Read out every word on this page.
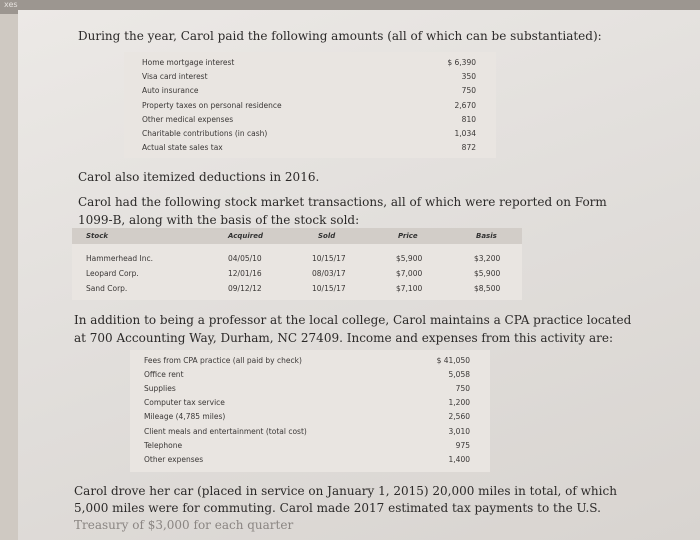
xes

During the year, Carol paid the following amounts (all of which can be substantiated):

Home mortgage interest	$ 6,390
Visa card interest	350
Auto insurance	750
Property taxes on personal residence	2,670
Other medical expenses	810
Charitable contributions (in cash)	1,034
Actual state sales tax	872

Carol also itemized deductions in 2016.

Carol had the following stock market transactions, all of which were reported on Form

1099-B, along with the basis of the stock sold:

Stock	Acquired	Sold	Price	Basis
Hammerhead Inc.	04/05/10	10/15/17	$5,900	$3,200
Leopard Corp.	12/01/16	08/03/17	$7,000	$5,900
Sand Corp.	09/12/12	10/15/17	$7,100	$8,500

In addition to being a professor at the local college, Carol maintains a CPA practice located

at 700 Accounting Way, Durham, NC 27409. Income and expenses from this activity are:

Fees from CPA practice (all paid by check)	$ 41,050
Office rent	5,058
Supplies	750
Computer tax service	1,200
Mileage (4,785 miles)	2,560
Client meals and entertainment (total cost)	3,010
Telephone	975
Other expenses	1,400

Carol drove her car (placed in service on January 1, 2015) 20,000 miles in total, of which

5,000 miles were for commuting. Carol made 2017 estimated tax payments to the U.S.

Treasury of $3,000 for each quarter
